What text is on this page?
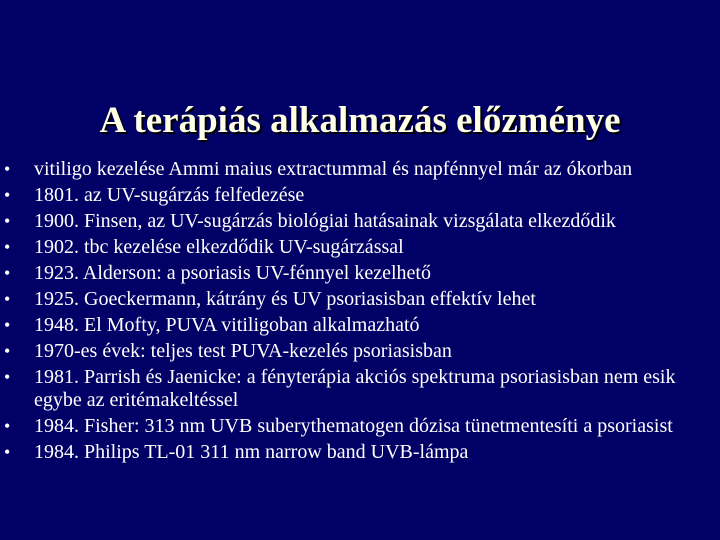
A terápiás alkalmazás előzménye
• vitiligo kezelése Ammi maius extractummal és napfénnyel már az ókorban
• 1801. az UV-sugárzás felfedezése
• 1900. Finsen, az UV-sugárzás biológiai hatásainak vizsgálata elkezdődik
• 1902. tbc kezelése elkezdődik UV-sugárzással
• 1923. Alderson: a psoriasis UV-fénnyel kezelhető
• 1925. Goeckermann, kátrány és UV psoriasisban effektív lehet
• 1948. El Mofty, PUVA vitiligoban alkalmazható
• 1970-es évek: teljes test PUVA-kezelés psoriasisban
• 1981. Parrish és Jaenicke: a fényterápia akciós spektruma psoriasisban nem esik egybe az eritémakeltéssel
• 1984. Fisher: 313 nm UVB suberythematogen dózisa tünetmentesíti a psoriasist
• 1984. Philips TL-01 311 nm narrow band UVB-lámpa
